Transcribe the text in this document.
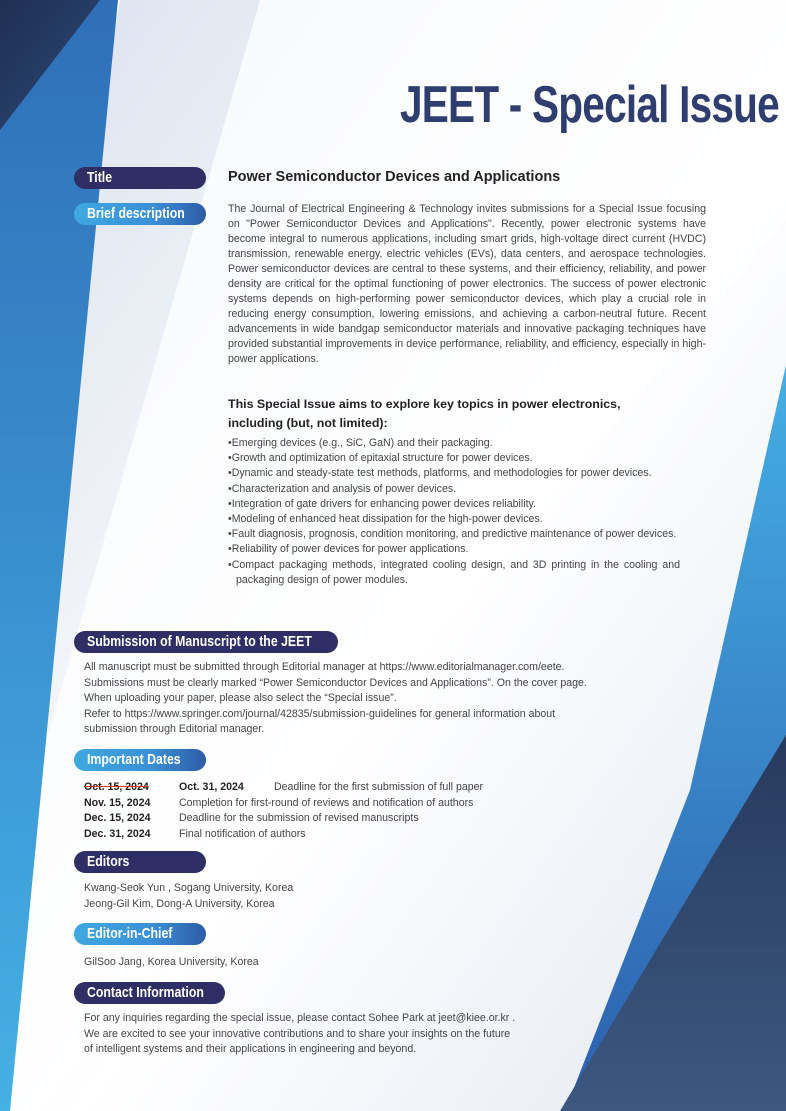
JEET - Special Issue
Title	Power Semiconductor Devices and Applications
Brief description	The Journal of Electrical Engineering & Technology invites submissions for a Special Issue focusing on "Power Semiconductor Devices and Applications". Recently, power electronic systems have become integral to numerous applications, including smart grids, high-voltage direct current (HVDC) transmission, renewable energy, electric vehicles (EVs), data centers, and aerospace technologies. Power semiconductor devices are central to these systems, and their efficiency, reliability, and power density are critical for the optimal functioning of power electronics. The success of power electronic systems depends on high-performing power semiconductor devices, which play a crucial role in reducing energy consumption, lowering emissions, and achieving a carbon-neutral future. Recent advancements in wide bandgap semiconductor materials and innovative packaging techniques have provided substantial improvements in device performance, reliability, and efficiency, especially in high-power applications.

This Special Issue aims to explore key topics in power electronics, including (but, not limited):
• Emerging devices (e.g., SiC, GaN) and their packaging.
• Growth and optimization of epitaxial structure for power devices.
• Dynamic and steady-state test methods, platforms, and methodologies for power devices.
• Characterization and analysis of power devices.
• Integration of gate drivers for enhancing power devices reliability.
• Modeling of enhanced heat dissipation for the high-power devices.
• Fault diagnosis, prognosis, condition monitoring, and predictive maintenance of power devices.
• Reliability of power devices for power applications.
• Compact packaging methods, integrated cooling design, and 3D printing in the cooling and packaging design of power modules.
Submission of Manuscript to the JEET
All manuscript must be submitted through Editorial manager at https://www.editorialmanager.com/eete.
Submissions must be clearly marked “Power Semiconductor Devices and Applications”. On the cover page.
When uploading your paper, please also select the “Special issue”.
Refer to https://www.springer.com/journal/42835/submission-guidelines for general information about
submission through Editorial manager.
Important Dates
Oct. 15, 2024	Oct. 31, 2024	Deadline for the first submission of full paper
Nov. 15, 2024	Completion for first-round of reviews and notification of authors
Dec. 15, 2024	Deadline for the submission of revised manuscripts
Dec. 31, 2024	Final notification of authors
Editors
Kwang-Seok Yun , Sogang University, Korea
Jeong-Gil Kim, Dong-A University, Korea
Editor-in-Chief
GilSoo Jang, Korea University, Korea
Contact Information
For any inquiries regarding the special issue, please contact Sohee Park at jeet@kiee.or.kr .
We are excited to see your innovative contributions and to share your insights on the future
of intelligent systems and their applications in engineering and beyond.
